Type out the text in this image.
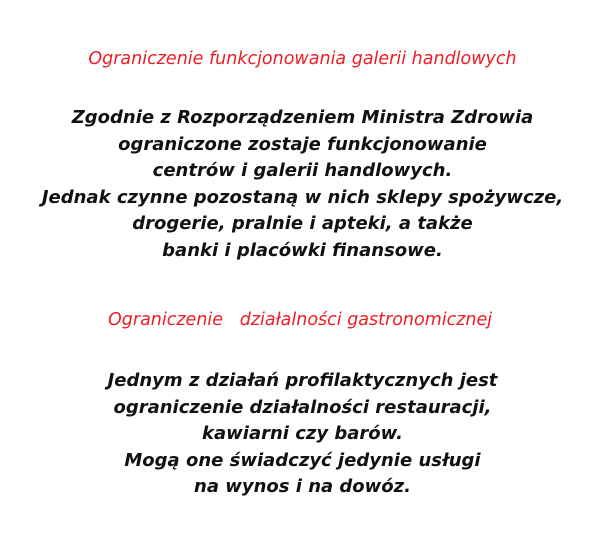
Ograniczenie funkcjonowania galerii handlowych
Zgodnie z Rozporządzeniem Ministra Zdrowia
ograniczone zostaje funkcjonowanie
centrów i galerii handlowych.
Jednak czynne pozostaną w nich sklepy spożywcze,
drogerie, pralnie i apteki, a także
banki i placówki finansowe.
Ograniczenie   działalności gastronomicznej
Jednym z działań profilaktycznych jest
ograniczenie działalności restauracji,
kawiarni czy barów.
Mogą one świadczyć jedynie usługi
na wynos i na dowóz.
